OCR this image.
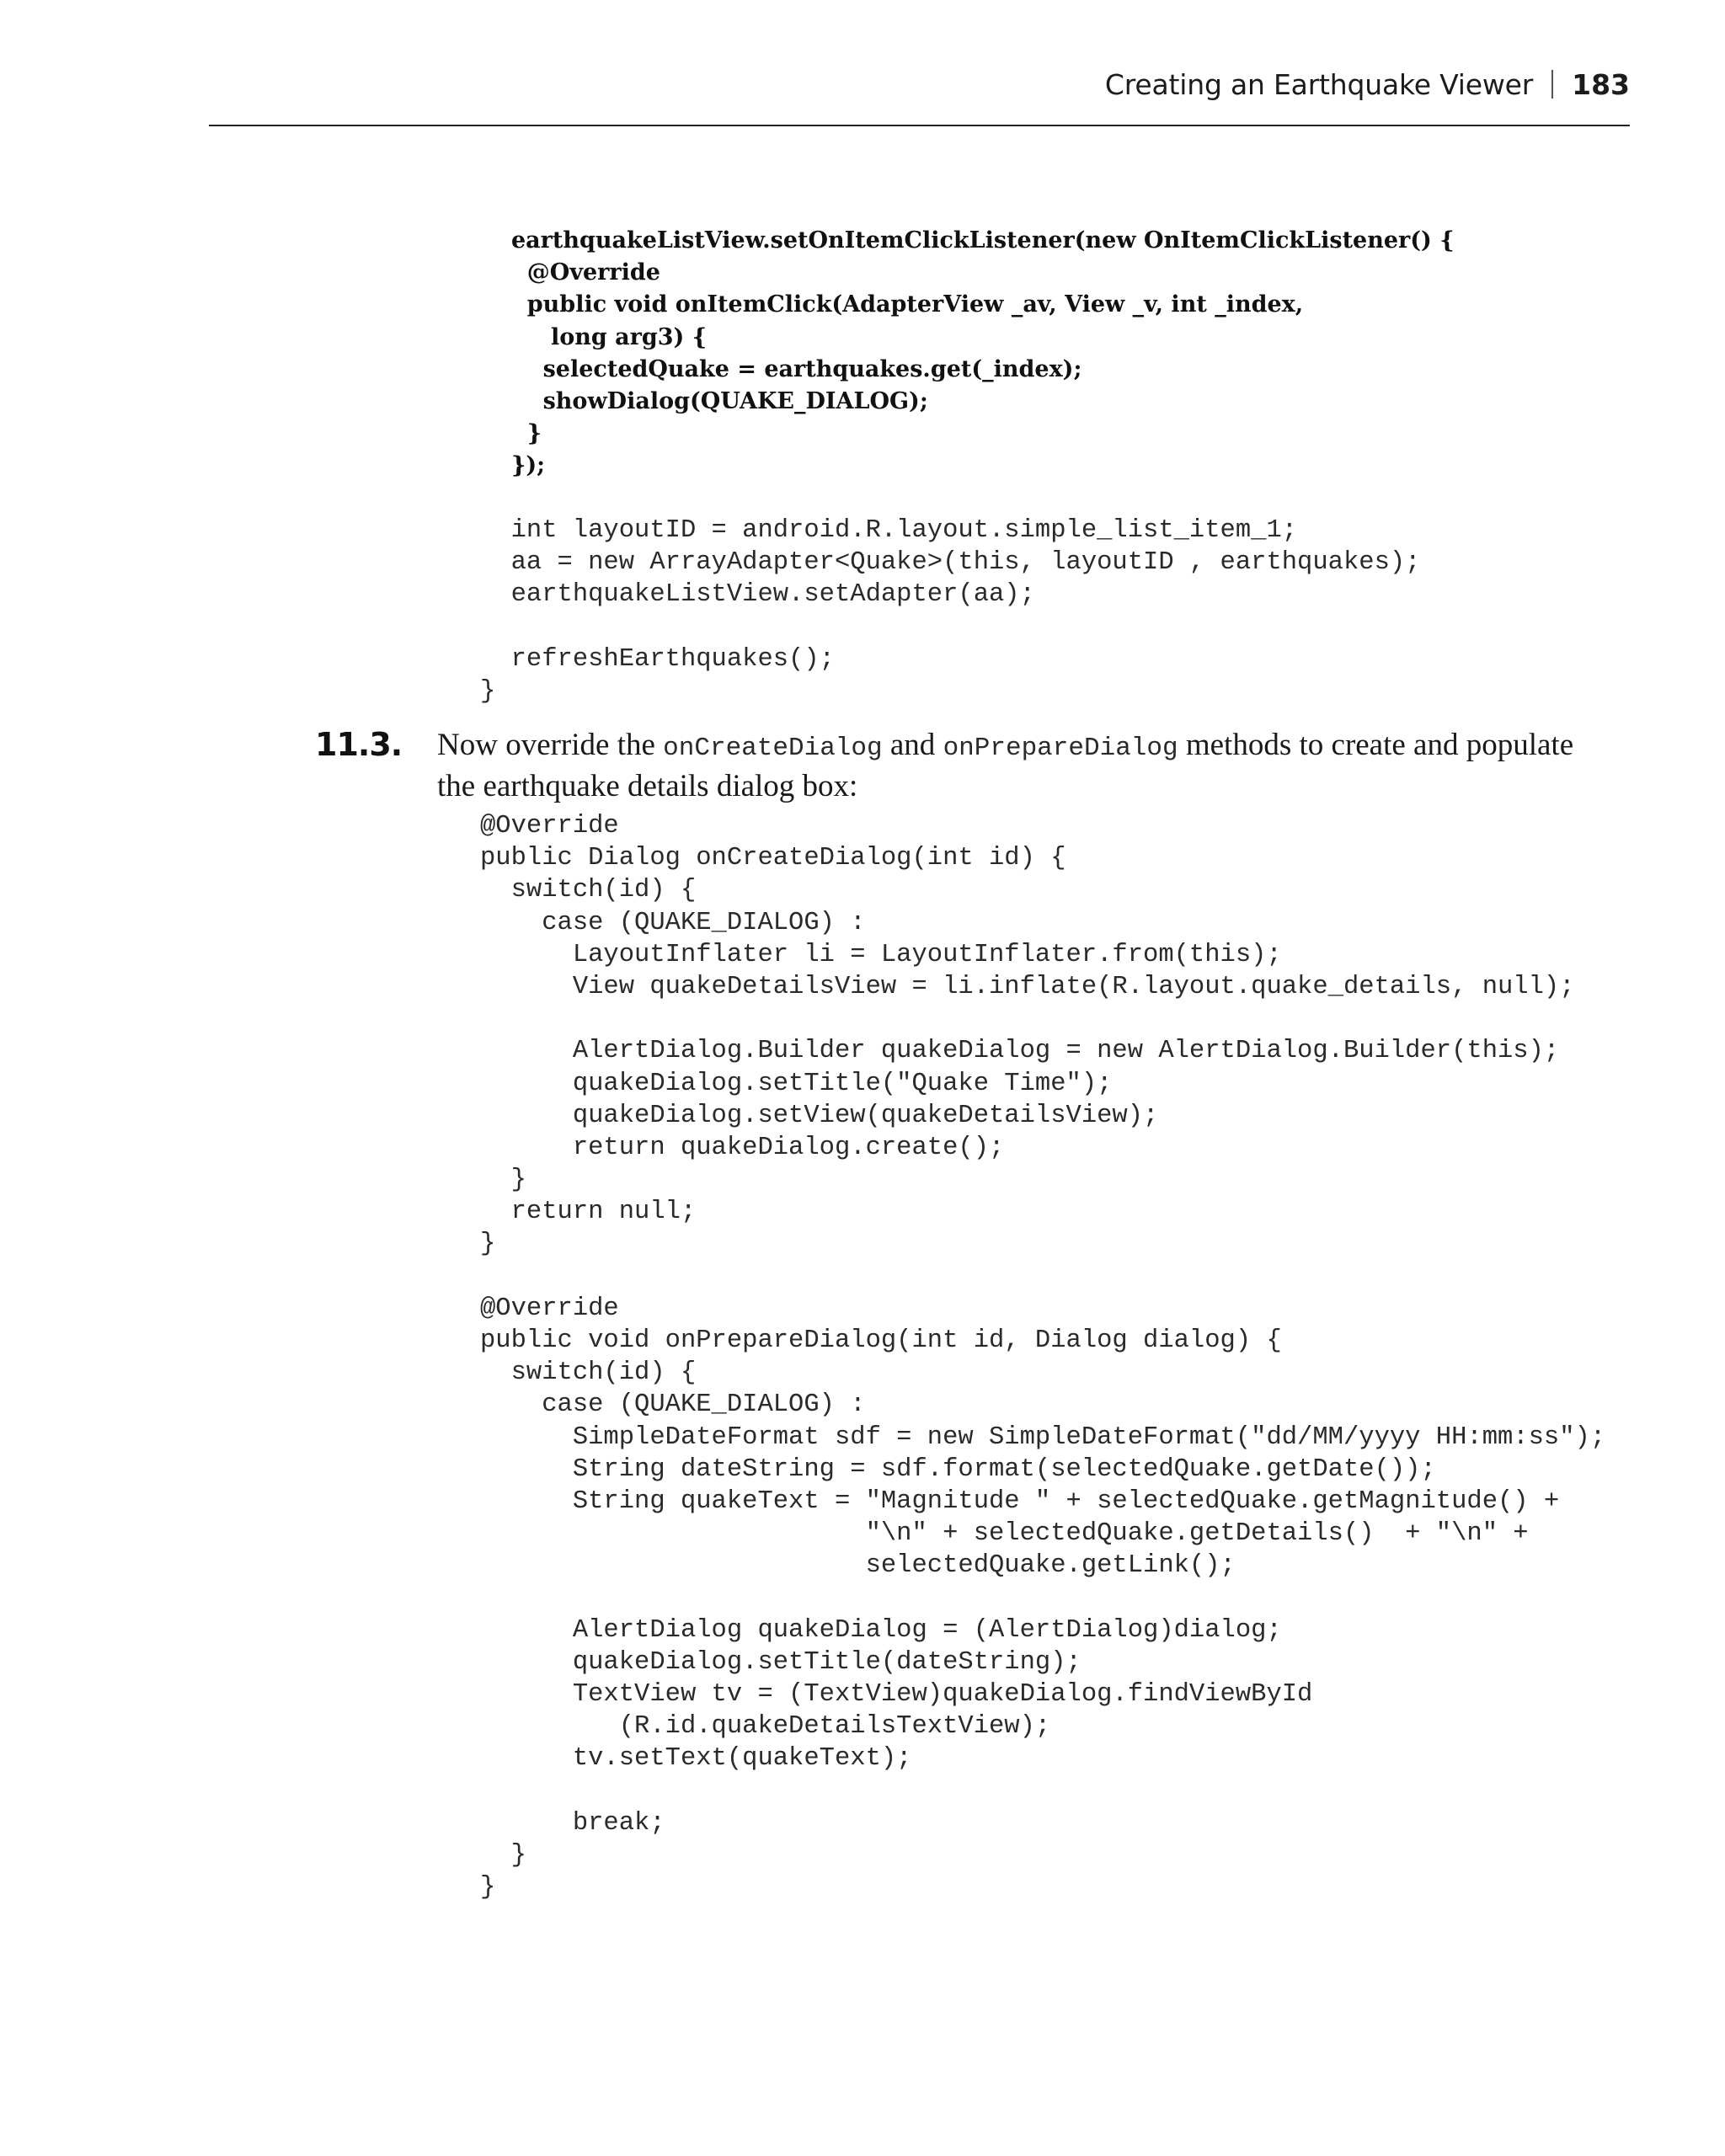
Creating an Earthquake Viewer 183
earthquakeListView.setOnItemClickListener(new OnItemClickListener() {
@Override
public void onItemClick(AdapterView _av, View _v, int _index,
long arg3) {
selectedQuake = earthquakes.get(_index);
showDialog(QUAKE_DIALOG);
}
});
int layoutID = android.R.layout.simple_list_item_1;
aa = new ArrayAdapter<Quake>(this, layoutID , earthquakes);
earthquakeListView.setAdapter(aa);
refreshEarthquakes();
}
11.3. Now override the onCreateDialog and onPrepareDialog methods to create and populate the earthquake details dialog box:
@Override
public Dialog onCreateDialog(int id) {
switch(id) {
case (QUAKE_DIALOG) :
LayoutInflater li = LayoutInflater.from(this);
View quakeDetailsView = li.inflate(R.layout.quake_details, null);
AlertDialog.Builder quakeDialog = new AlertDialog.Builder(this);
quakeDialog.setTitle("Quake Time");
quakeDialog.setView(quakeDetailsView);
return quakeDialog.create();
}
return null;
}
@Override
public void onPrepareDialog(int id, Dialog dialog) {
switch(id) {
case (QUAKE_DIALOG) :
SimpleDateFormat sdf = new SimpleDateFormat("dd/MM/yyyy HH:mm:ss");
String dateString = sdf.format(selectedQuake.getDate());
String quakeText = "Magnitude " + selectedQuake.getMagnitude() +
"\n" + selectedQuake.getDetails()  + "\n" +
selectedQuake.getLink();
AlertDialog quakeDialog = (AlertDialog)dialog;
quakeDialog.setTitle(dateString);
TextView tv = (TextView)quakeDialog.findViewById
(R.id.quakeDetailsTextView);
tv.setText(quakeText);
break;
}
}
